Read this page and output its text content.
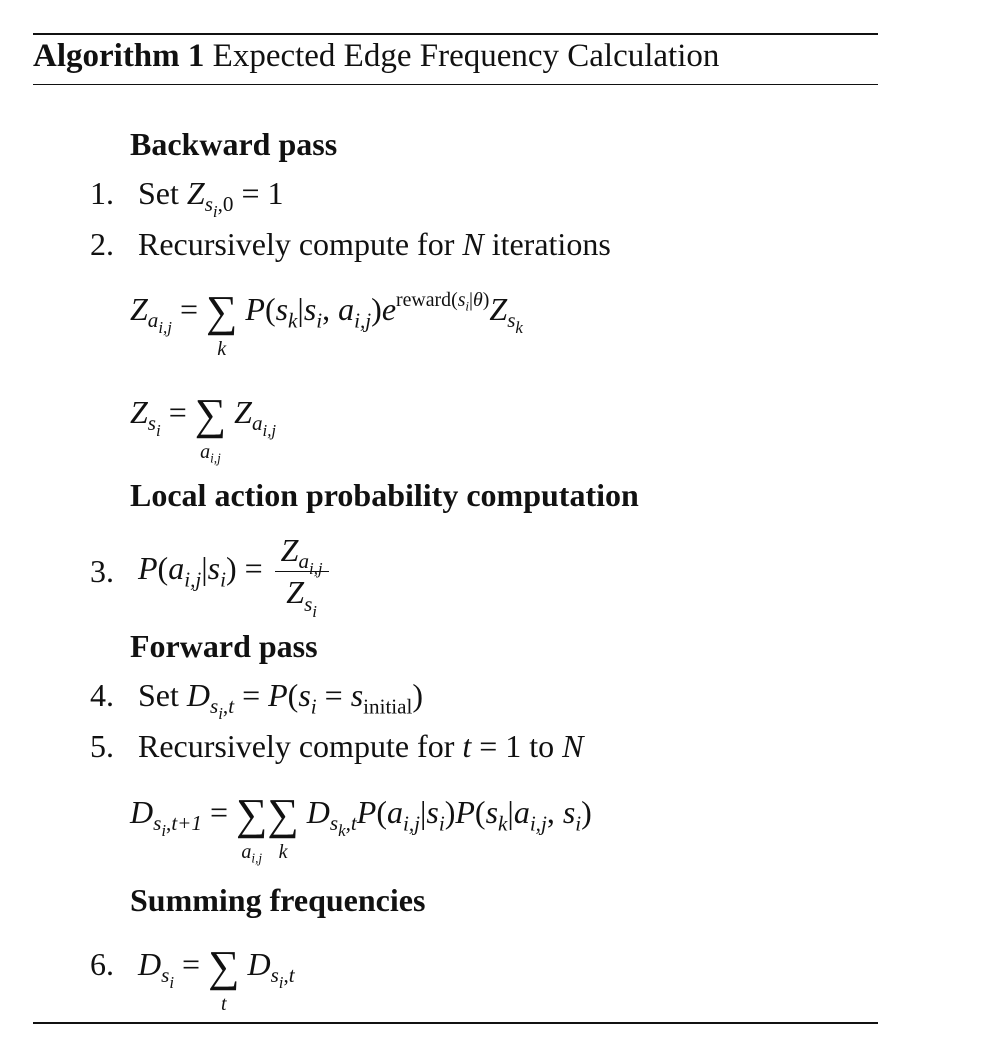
Algorithm 1 Expected Edge Frequency Calculation
Backward pass
1. Set $Z_{s_i,0} = 1$
2. Recursively compute for N iterations
$Z_{a_{i,j}}$ = ∑
k
$P(s_k|s_i$, $a_{i,j})e^{reward(s_i|\theta)}Z_{s_k}$
$Z_{s_i}$ = ∑
$a_{i,j}$
$Z_{a_{i,j}}$
Local action probability computation
3. $P(a_{i,j}|s_i) = \frac{Z_{a_{i,j}}}{Z_{s_i}}$
Forward pass
4. Set $D_{s_i,t} = P(s_i = s_{initial})$
5. Recursively compute for t = 1 to N
$D_{s_i,t+1}$ = ∑
$a_{i,j}$
∑
k
$D_{s_k,t}P(a_{i,j}|s_i)P(s_k|a_{i,j}$, $s_i$)
Summing frequencies
6. $D_{s_i}$ = ∑
t
$D_{s_i,t}$
